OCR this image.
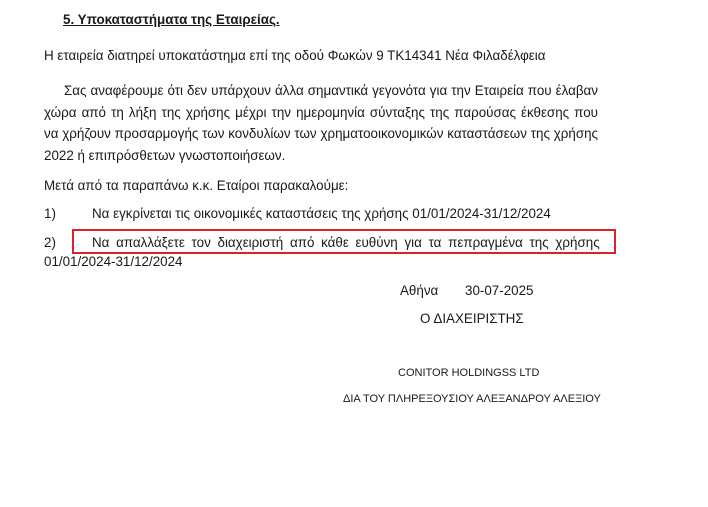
5. Υποκαταστήματα της Εταιρείας.
Η εταιρεία διατηρεί υποκατάστημα επί της οδού Φωκών 9 ΤΚ14341 Νέα Φιλαδέλφεια
Σας αναφέρουμε ότι δεν υπάρχουν άλλα σημαντικά γεγονότα για την Εταιρεία που έλαβαν χώρα από τη λήξη της χρήσης μέχρι την ημερομηνία σύνταξης της παρούσας έκθεσης που να χρήζουν προσαρμογής των κονδυλίων των χρηματοοικονομικών καταστάσεων της χρήσης 2022 ή επιπρόσθετων γνωστοποιήσεων.
Μετά από τα παραπάνω κ.κ. Εταίροι παρακαλούμε:
1)	Να εγκρίνεται τις οικονομικές καταστάσεις της χρήσης 01/01/2024-31/12/2024
2)	Να απαλλάξετε τον διαχειριστή από κάθε ευθύνη για τα πεπραγμένα της χρήσης
01/01/2024-31/12/2024
Αθήνα 30-07-2025
Ο ΔΙΑΧΕΙΡΙΣΤΗΣ
CONITOR HOLDINGSS LTD
ΔΙΑ ΤΟΥ ΠΛΗΡΕΞΟΥΣΙΟΥ ΑΛΕΞΑΝΔΡΟΥ ΑΛΕΞΙΟΥ
